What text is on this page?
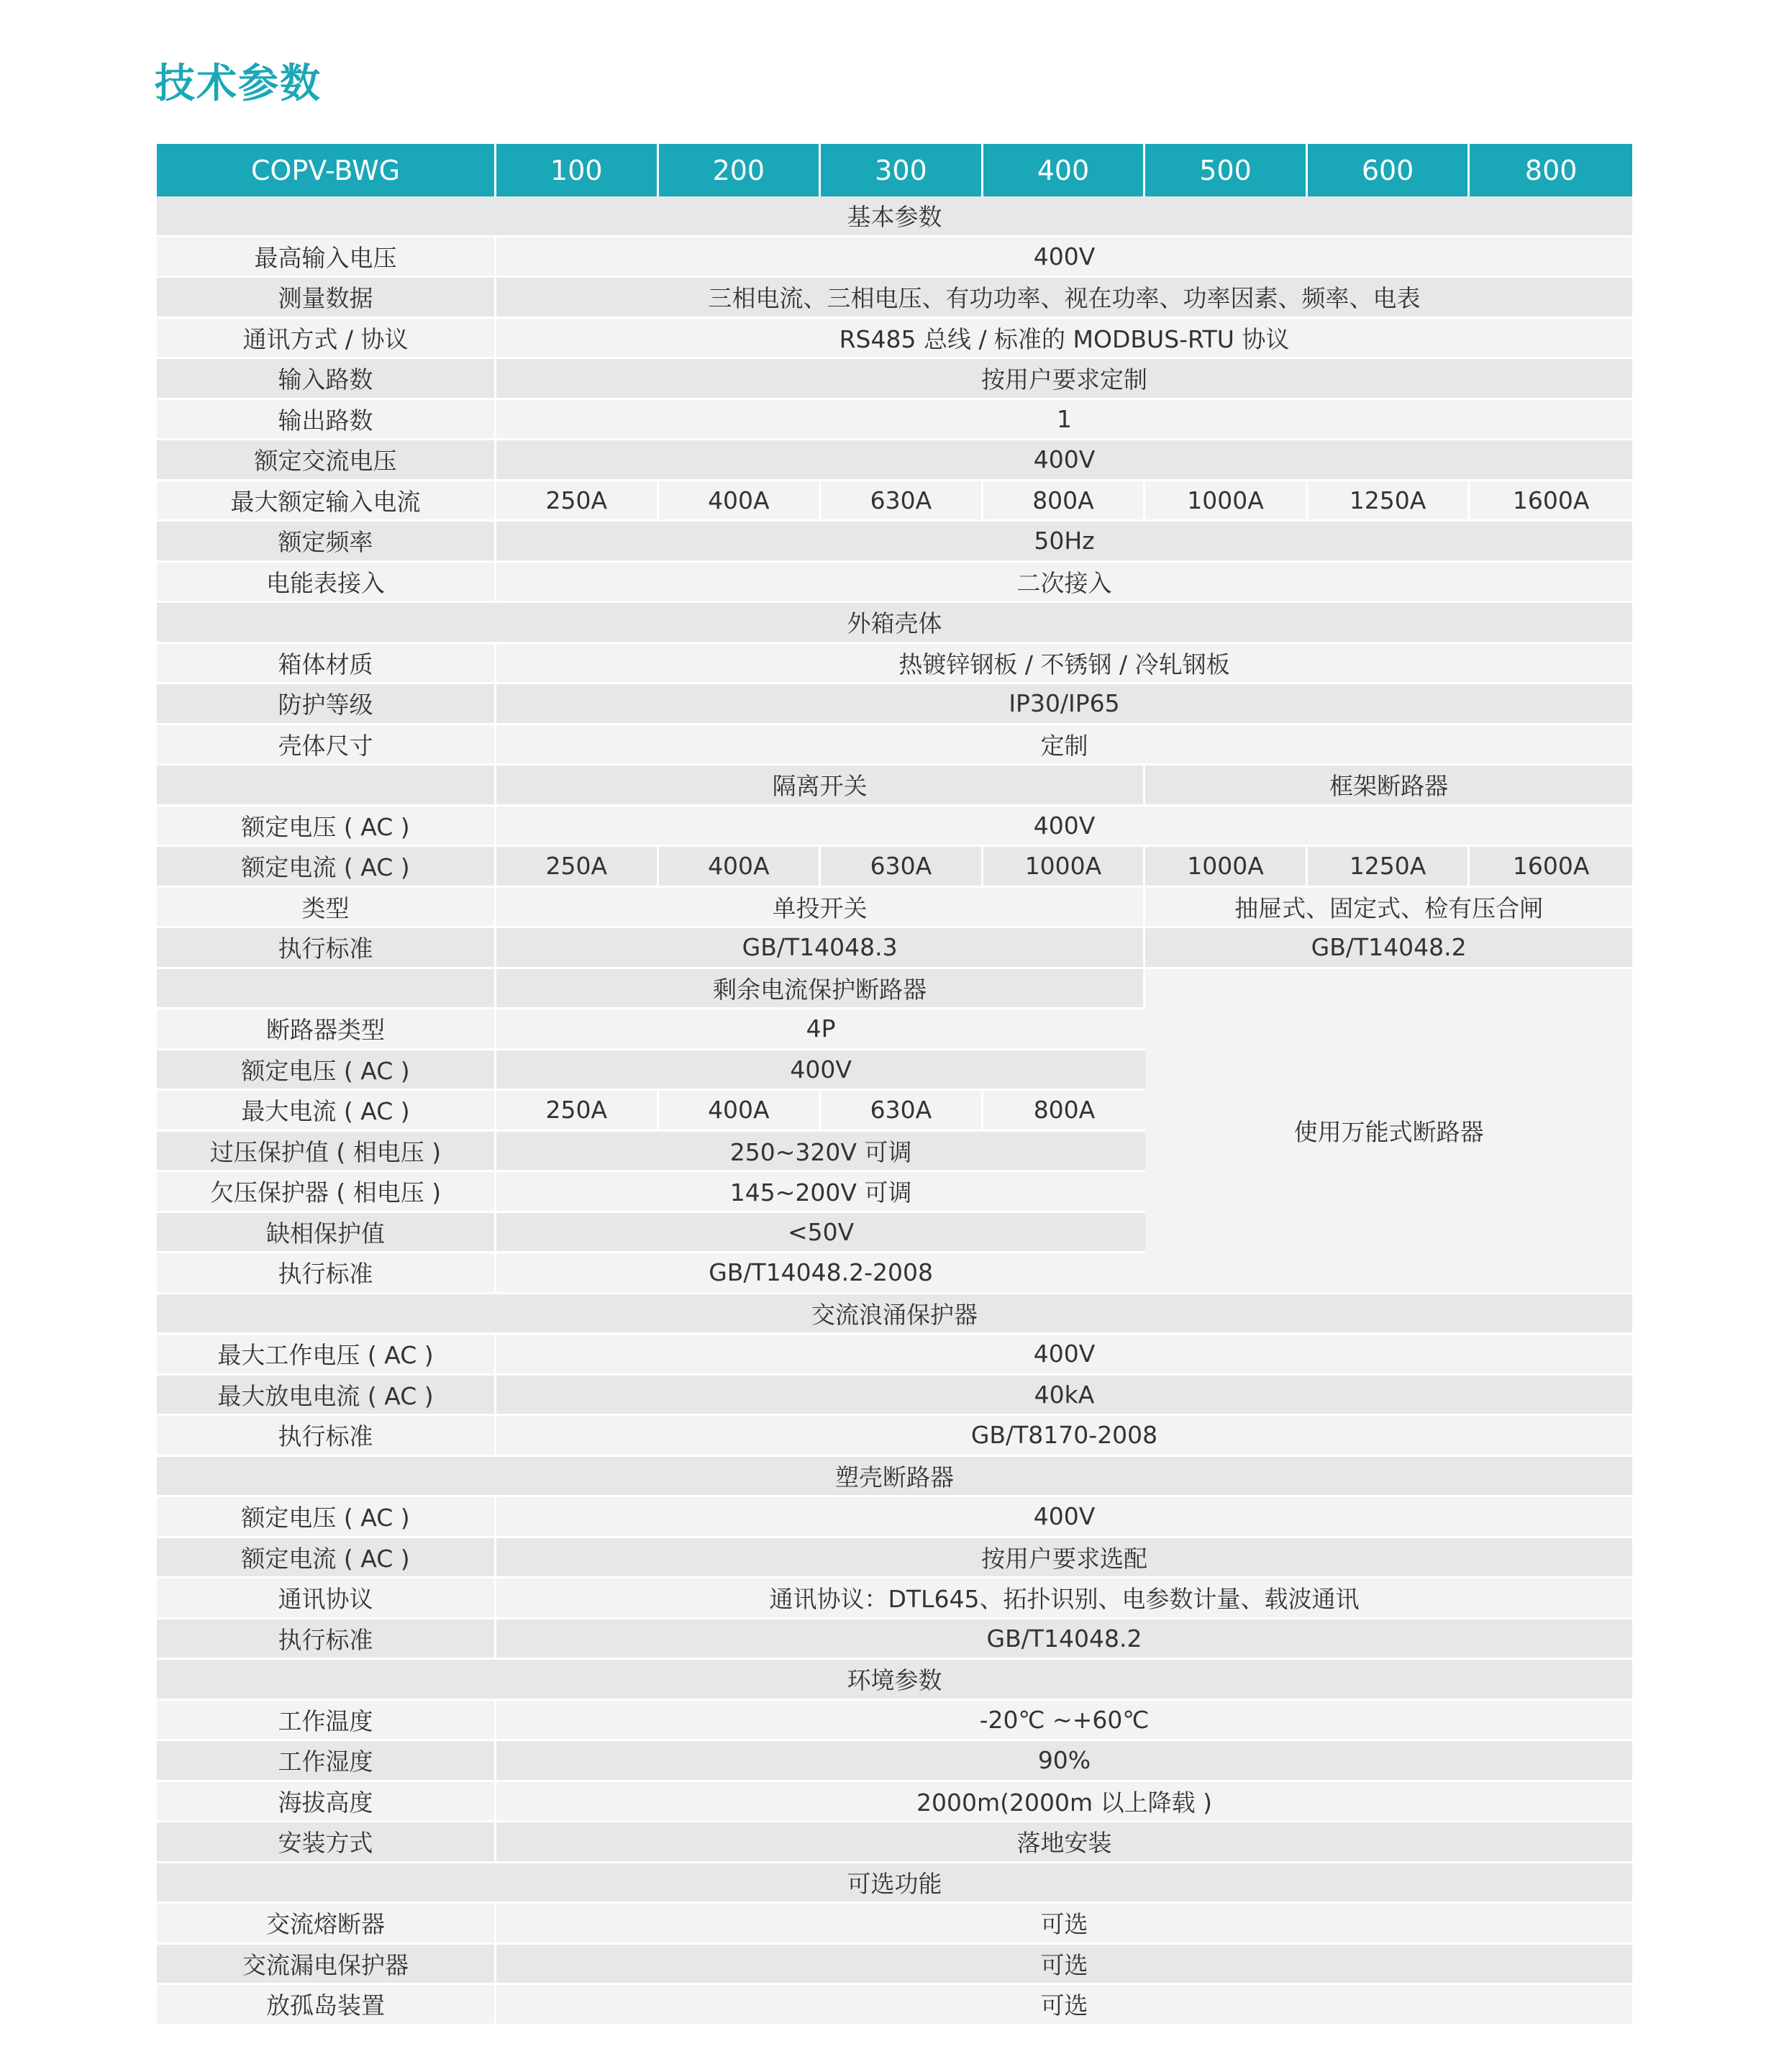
技术参数
COPV-BWG	100	200	300	400	500	600	800
基本参数							
最高输入电压	400V						
测量数据	三相电流、三相电压、有功功率、视在功率、功率因素、频率、电表						
通讯方式 / 协议	RS485 总线 / 标准的 MODBUS-RTU 协议						
输入路数	按用户要求定制						
输出路数	1						
额定交流电压	400V						
最大额定输入电流	250A	400A	630A	800A	1000A	1250A	1600A
额定频率	50Hz						
电能表接入	二次接入						
外箱壳体							
箱体材质	热镀锌钢板 / 不锈钢 / 冷轧钢板						
防护等级	IP30/IP65						
壳体尺寸	定制						
	隔离开关				框架断路器		
额定电压 ( AC )	400V						
额定电流 ( AC )	250A	400A	630A	1000A	1000A	1250A	1600A
类型	单投开关				抽屉式、固定式、检有压合闸		
执行标准	GB/T14048.3				GB/T14048.2		
	剩余电流保护断路器				使用万能式断路器		
断路器类型	4P						
额定电压 ( AC )	400V						
最大电流 ( AC )	250A	400A	630A	800A			
过压保护值 ( 相电压 )	250~320V 可调						
欠压保护器 ( 相电压 )	145~200V 可调						
缺相保护值	<50V						
执行标准	GB/T14048.2-2008						
交流浪涌保护器							
最大工作电压 ( AC )	400V						
最大放电电流 ( AC )	40kA						
执行标准	GB/T8170-2008						
塑壳断路器							
额定电压 ( AC )	400V						
额定电流 ( AC )	按用户要求选配						
通讯协议	通讯协议：DTL645、拓扑识别、电参数计量、载波通讯						
执行标准	GB/T14048.2						
环境参数							
工作温度	-20℃ ~+60℃						
工作湿度	90%						
海拔高度	2000m(2000m 以上降载 )						
安装方式	落地安装						
可选功能							
交流熔断器	可选						
交流漏电保护器	可选						
放孤岛装置	可选						
